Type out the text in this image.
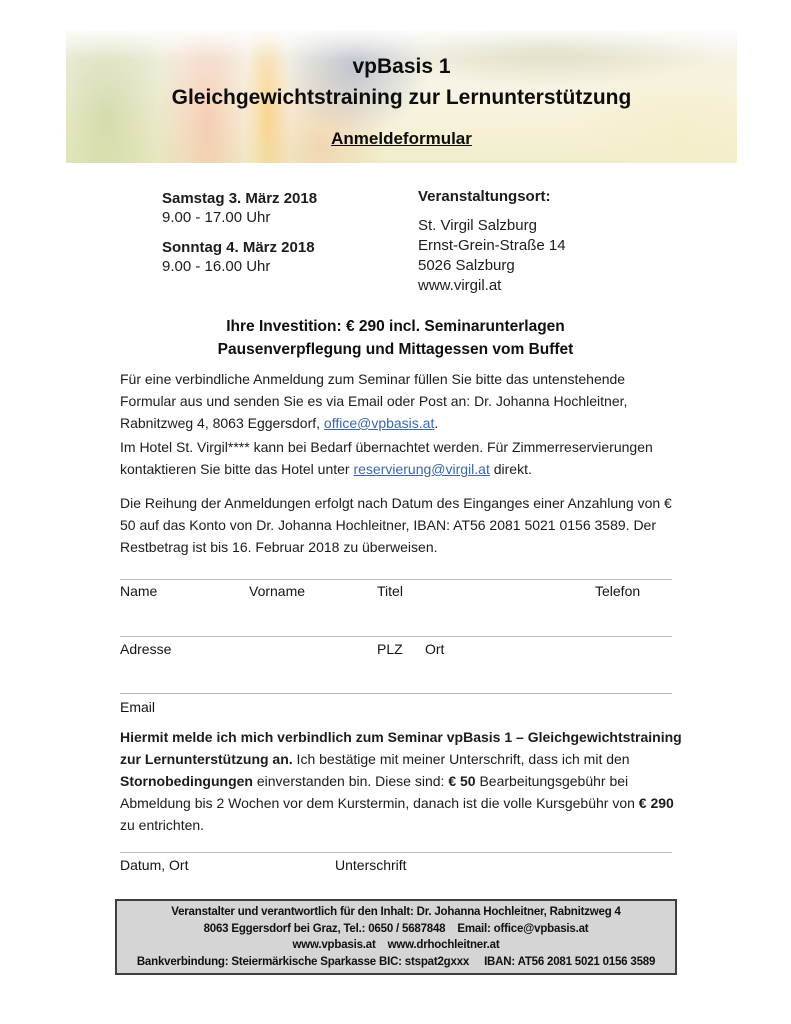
vpBasis 1
Gleichgewichtstraining zur Lernunterstützung
Anmeldeformular
Samstag 3. März 2018
9.00 - 17.00 Uhr
Sonntag 4. März 2018
9.00 - 16.00 Uhr
Veranstaltungsort:
St. Virgil Salzburg
Ernst-Grein-Straße 14
5026 Salzburg
www.virgil.at
Ihre Investition: € 290 incl. Seminarunterlagen
Pausenverpflegung und Mittagessen vom Buffet
Für eine verbindliche Anmeldung zum Seminar füllen Sie bitte das untenstehende Formular aus und senden Sie es via Email oder Post an: Dr. Johanna Hochleitner, Rabnitzweg 4, 8063 Eggersdorf, office@vpbasis.at.
Im Hotel St. Virgil**** kann bei Bedarf übernachtet werden. Für Zimmerreservierungen kontaktieren Sie bitte das Hotel unter reservierung@virgil.at direkt.
Die Reihung der Anmeldungen erfolgt nach Datum des Einganges einer Anzahlung von € 50 auf das Konto von Dr. Johanna Hochleitner, IBAN: AT56 2081 5021 0156 3589. Der Restbetrag ist bis 16. Februar 2018 zu überweisen.
Name	Vorname	Titel	Telefon
Adresse	PLZ Ort
Email
Hiermit melde ich mich verbindlich zum Seminar vpBasis 1 – Gleichgewichtstraining zur Lernunterstützung an. Ich bestätige mit meiner Unterschrift, dass ich mit den Stornobedingungen einverstanden bin. Diese sind: € 50 Bearbeitungsgebühr bei Abmeldung bis 2 Wochen vor dem Kurstermin, danach ist die volle Kursgebühr von € 290 zu entrichten.
Datum, Ort	Unterschrift
Veranstalter und verantwortlich für den Inhalt: Dr. Johanna Hochleitner, Rabnitzweg 4
8063 Eggersdorf bei Graz, Tel.: 0650 / 5687848    Email: office@vpbasis.at
www.vpbasis.at    www.drhochleitner.at
Bankverbindung: Steiermärkische Sparkasse BIC: stspat2gxxx     IBAN: AT56 2081 5021 0156 3589
